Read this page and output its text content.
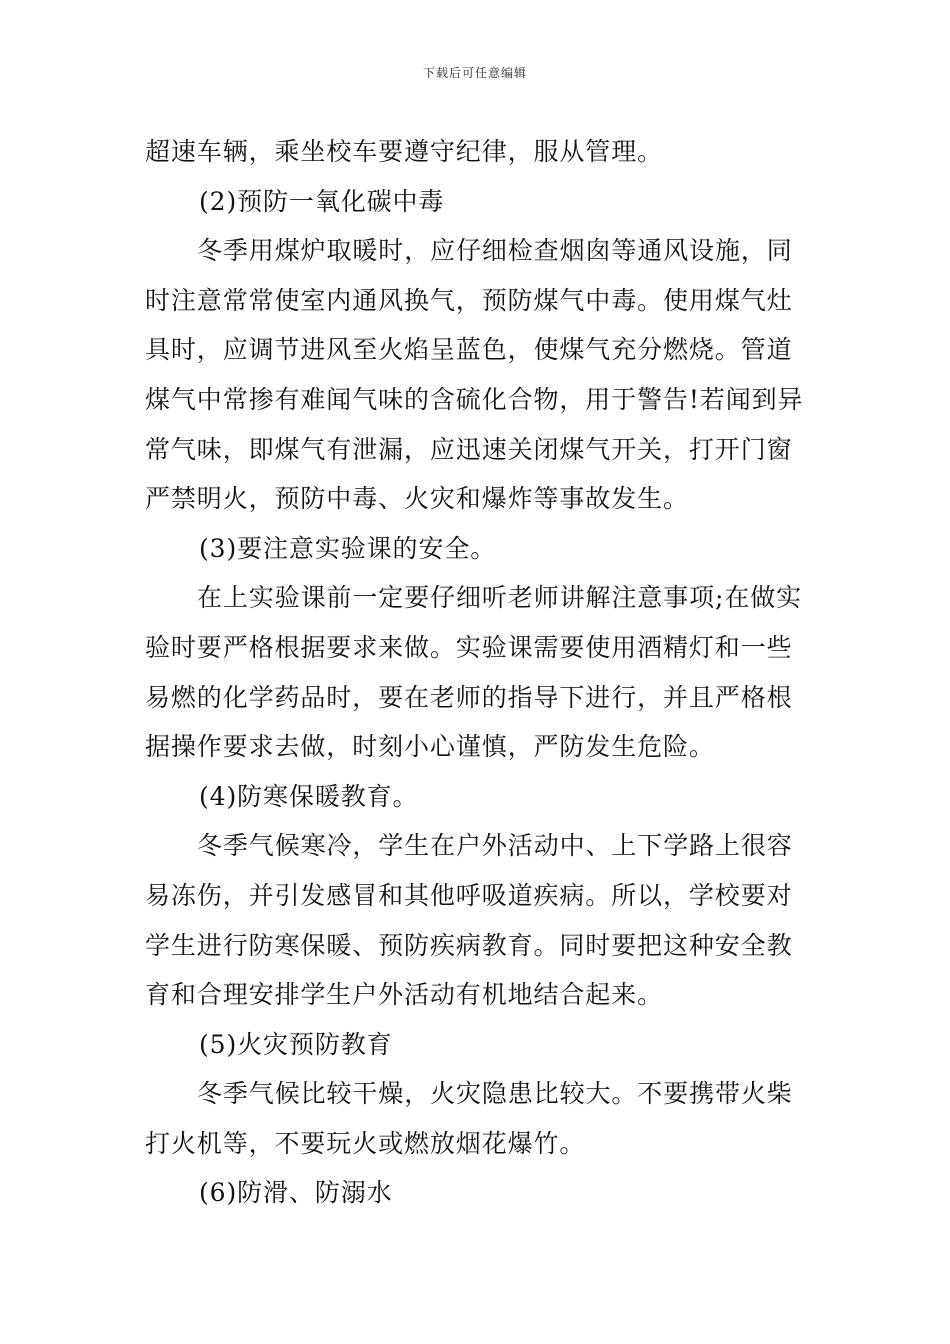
下载后可任意编辑

超速车辆，乘坐校车要遵守纪律，服从管理。

(2)预防一氧化碳中毒

冬季用煤炉取暖时，应仔细检查烟囱等通风设施，同时注意常常使室内通风换气，预防煤气中毒。使用煤气灶具时，应调节进风至火焰呈蓝色，使煤气充分燃烧。管道煤气中常掺有难闻气味的含硫化合物，用于警告!若闻到异常气味，即煤气有泄漏，应迅速关闭煤气开关，打开门窗严禁明火，预防中毒、火灾和爆炸等事故发生。

(3)要注意实验课的安全。

在上实验课前一定要仔细听老师讲解注意事项;在做实验时要严格根据要求来做。实验课需要使用酒精灯和一些易燃的化学药品时，要在老师的指导下进行，并且严格根据操作要求去做，时刻小心谨慎，严防发生危险。

(4)防寒保暖教育。

冬季气候寒冷，学生在户外活动中、上下学路上很容易冻伤，并引发感冒和其他呼吸道疾病。所以，学校要对学生进行防寒保暖、预防疾病教育。同时要把这种安全教育和合理安排学生户外活动有机地结合起来。

(5)火灾预防教育

冬季气候比较干燥，火灾隐患比较大。不要携带火柴打火机等，不要玩火或燃放烟花爆竹。

(6)防滑、防溺水
